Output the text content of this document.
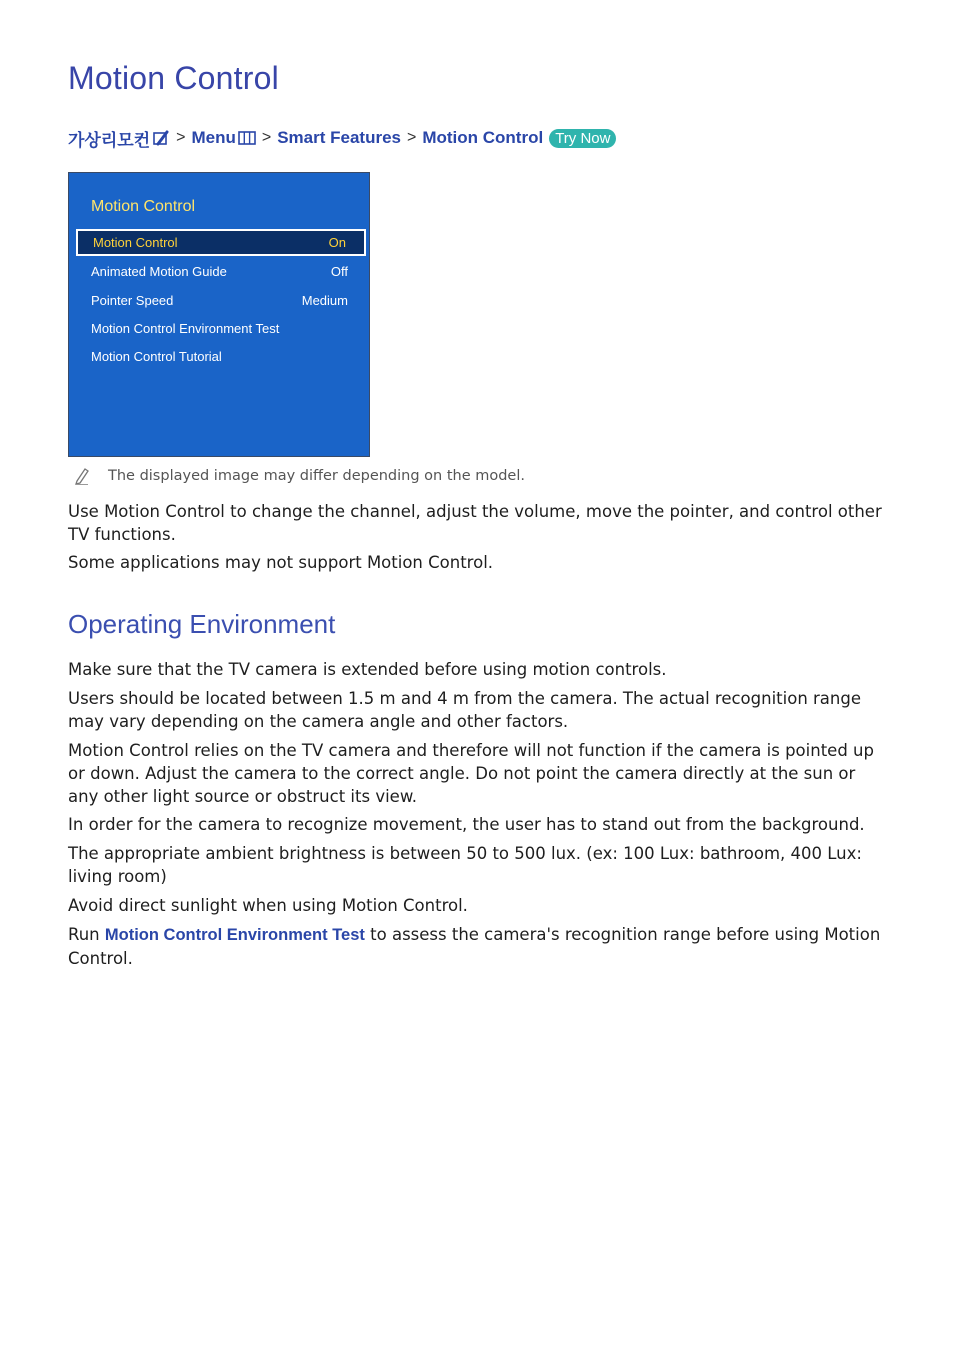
Motion Control
가상리모컨 > Menu > Smart Features > Motion Control Try Now
Motion Control
Motion Control	On
Animated Motion Guide	Off
Pointer Speed	Medium
Motion Control Environment Test
Motion Control Tutorial
The displayed image may differ depending on the model.

Use Motion Control to change the channel, adjust the volume, move the pointer, and control other TV functions.

Some applications may not support Motion Control.

Operating Environment

Make sure that the TV camera is extended before using motion controls.

Users should be located between 1.5 m and 4 m from the camera. The actual recognition range may vary depending on the camera angle and other factors.

Motion Control relies on the TV camera and therefore will not function if the camera is pointed up or down. Adjust the camera to the correct angle. Do not point the camera directly at the sun or any other light source or obstruct its view.

In order for the camera to recognize movement, the user has to stand out from the background.

The appropriate ambient brightness is between 50 to 500 lux. (ex: 100 Lux: bathroom, 400 Lux: living room)

Avoid direct sunlight when using Motion Control.

Run Motion Control Environment Test to assess the camera's recognition range before using Motion Control.
